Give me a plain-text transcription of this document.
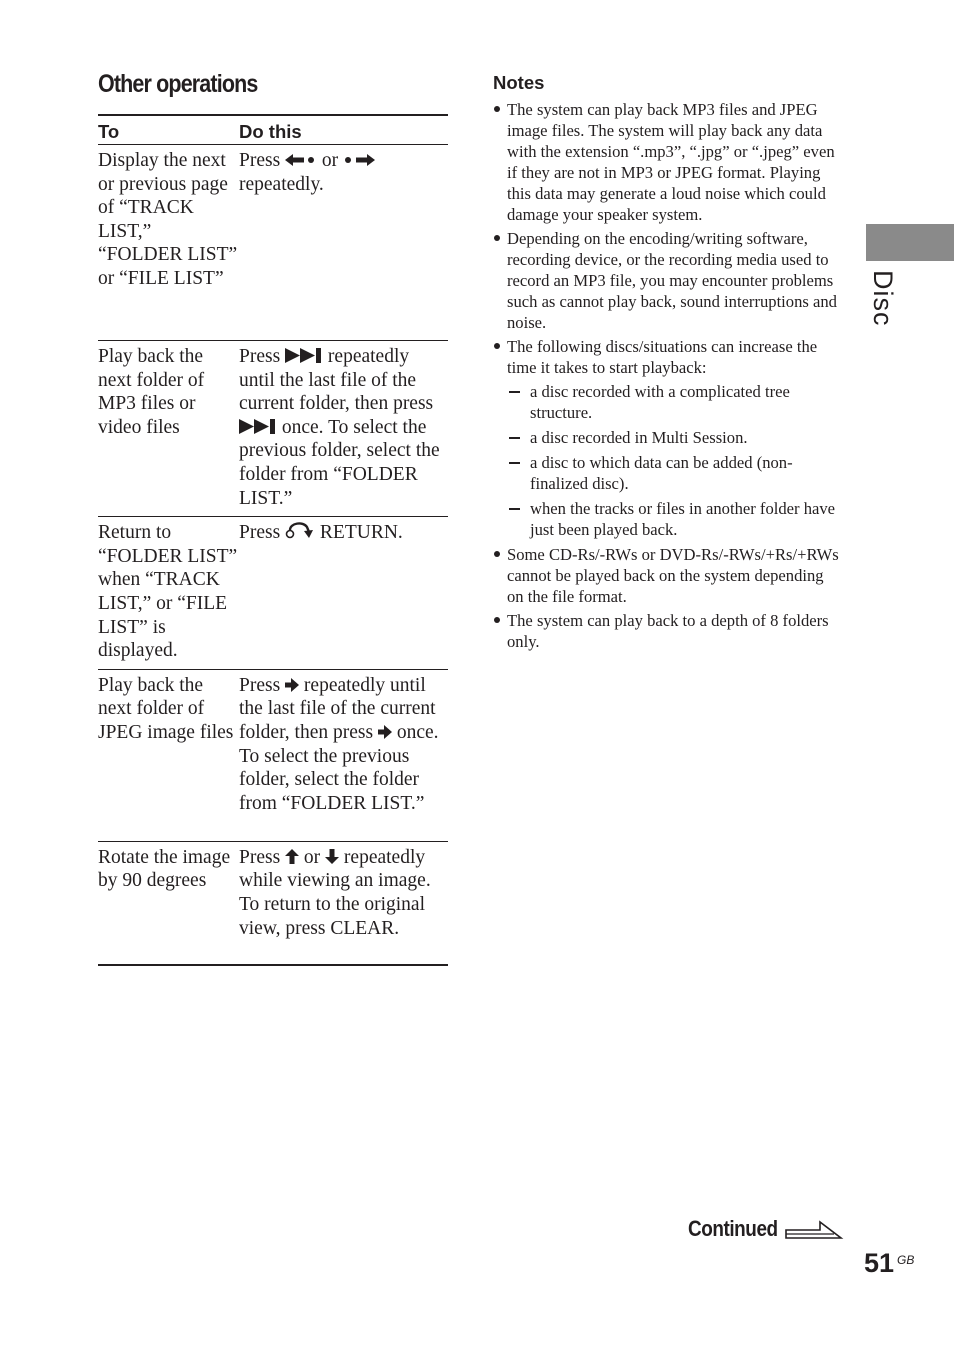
Other operations
To	Do this
Display the next or previous page of “TRACK LIST,” “FOLDER LIST” or “FILE LIST”	Press or  repeatedly.
Play back the next folder of MP3 files or video files	Press repeatedly until the last file of the current folder, then press  once. To select the previous folder, select the folder from “FOLDER LIST.”
Return to “FOLDER LIST” when “TRACK LIST,” or “FILE LIST” is displayed.	Press RETURN.
Play back the next folder of JPEG image files	Press repeatedly until the last file of the current folder, then press once. To select the previous folder, select the folder from “FOLDER LIST.”
Rotate the image by 90 degrees	Press or repeatedly while viewing an image. To return to the original view, press CLEAR.
Notes
The system can play back MP3 files and JPEG image files. The system will play back any data with the extension “.mp3”, “.jpg” or “.jpeg” even if they are not in MP3 or JPEG format. Playing this data may generate a loud noise which could damage your speaker system.
Depending on the encoding/writing software, recording device, or the recording media used to record an MP3 file, you may encounter problems such as cannot play back, sound interruptions and noise.
The following discs/situations can increase the time it takes to start playback:
a disc recorded with a complicated tree structure.
a disc recorded in Multi Session.
a disc to which data can be added (non-finalized disc).
when the tracks or files in another folder have just been played back.
Some CD-Rs/-RWs or DVD-Rs/-RWs/+Rs/+RWs cannot be played back on the system depending on the file format.
The system can play back to a depth of 8 folders only.
Disc
Continued
51 GB
